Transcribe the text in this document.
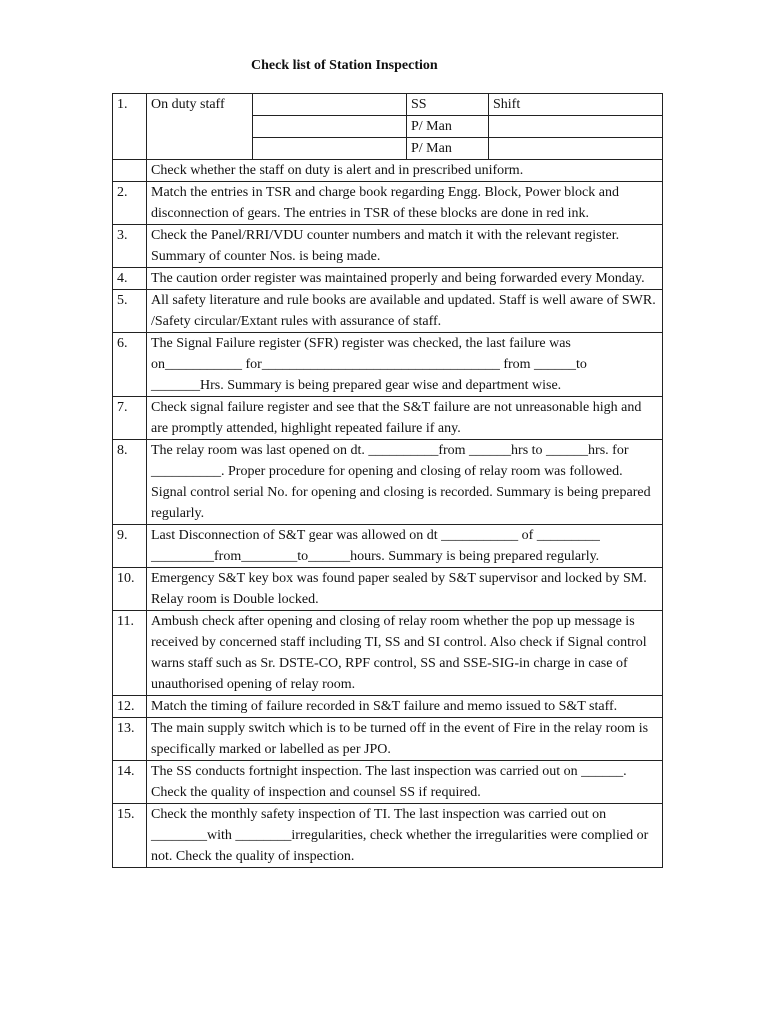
Check list of Station Inspection
1.	On duty staff		SS	Shift
			P/ Man	
			P/ Man	
	Check whether the staff on duty is alert and in prescribed uniform.			
2.	Match the entries in TSR and charge book regarding Engg. Block, Power block and disconnection of gears. The entries in TSR of these blocks are done in red ink.			
3.	Check the Panel/RRI/VDU counter numbers and match it with the relevant register. Summary of counter Nos. is being made.			
4.	The caution order register was maintained properly and being forwarded every Monday.			
5.	All safety literature and rule books are available and updated. Staff is well aware of SWR. /Safety circular/Extant rules with assurance of staff.			
6.	The Signal Failure register (SFR) register was checked, the last failure was on___________ for__________________________________ from ______to _______Hrs. Summary is being prepared gear wise and department wise.			
7.	Check signal failure register and see that the S&T failure are not unreasonable high and are promptly attended, highlight repeated failure if any.			
8.	The relay room was last opened on dt. __________from ______hrs to ______hrs. for __________. Proper procedure for opening and closing of relay room was followed. Signal control serial No. for opening and closing is recorded. Summary is being prepared regularly.			
9.	Last Disconnection of S&T gear was allowed on dt ___________ of _________ _________from________to______hours. Summary is being prepared regularly.			
10.	Emergency S&T key box was found paper sealed by S&T supervisor and locked by SM. Relay room is Double locked.			
11.	Ambush check after opening and closing of relay room whether the pop up message is received by concerned staff including TI, SS and SI control. Also check if Signal control warns staff such as Sr. DSTE-CO, RPF control, SS and SSE-SIG-in charge in case of unauthorised opening of relay room.			
12.	Match the timing of failure recorded in S&T failure and memo issued to S&T staff.			
13.	The main supply switch which is to be turned off in the event of Fire in the relay room is specifically marked or labelled as per JPO.			
14.	The SS conducts fortnight inspection. The last inspection was carried out on ______. Check the quality of inspection and counsel SS if required.			
15.	Check the monthly safety inspection of TI. The last inspection was carried out on ________with ________irregularities, check whether the irregularities were complied or not. Check the quality of inspection.			
